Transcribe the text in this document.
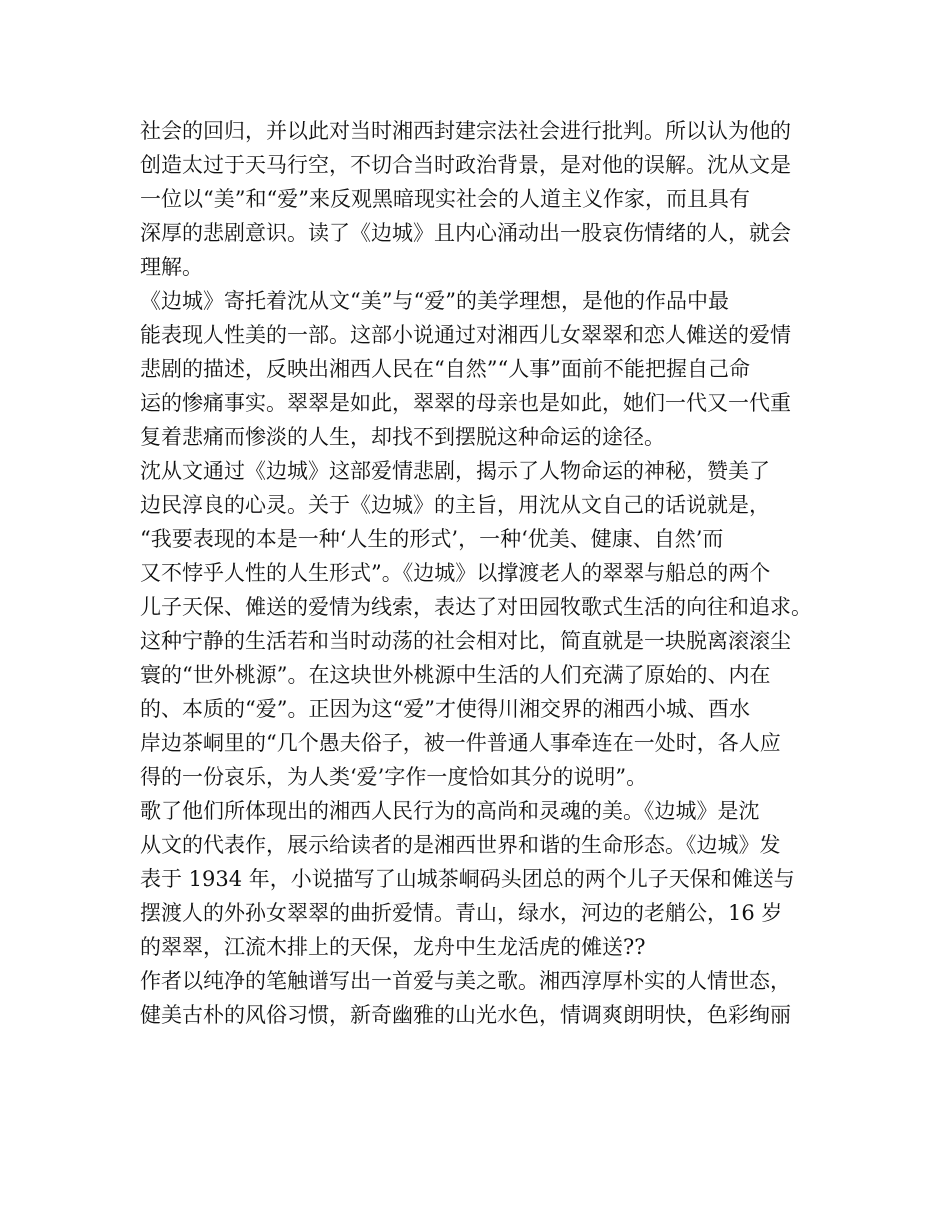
社会的回归，并以此对当时湘西封建宗法社会进行批判。所以认为他的
创造太过于天马行空，不切合当时政治背景，是对他的误解。沈从文是
一位以“美”和“爱”来反观黑暗现实社会的人道主义作家，而且具有
深厚的悲剧意识。读了《边城》且内心涌动出一股哀伤情绪的人，就会
理解。
《边城》寄托着沈从文“美”与“爱”的美学理想，是他的作品中最
能表现人性美的一部。这部小说通过对湘西儿女翠翠和恋人傩送的爱情
悲剧的描述，反映出湘西人民在“自然”“人事”面前不能把握自己命
运的惨痛事实。翠翠是如此，翠翠的母亲也是如此，她们一代又一代重
复着悲痛而惨淡的人生，却找不到摆脱这种命运的途径。
沈从文通过《边城》这部爱情悲剧，揭示了人物命运的神秘，赞美了
边民淳良的心灵。关于《边城》的主旨，用沈从文自己的话说就是，
“我要表现的本是一种‘人生的形式’，一种‘优美、健康、自然’而
又不悖乎人性的人生形式”。《边城》以撑渡老人的翠翠与船总的两个
儿子天保、傩送的爱情为线索，表达了对田园牧歌式生活的向往和追求。
这种宁静的生活若和当时动荡的社会相对比，简直就是一块脱离滚滚尘
寰的“世外桃源”。在这块世外桃源中生活的人们充满了原始的、内在
的、本质的“爱”。正因为这“爱”才使得川湘交界的湘西小城、酉水
岸边茶峒里的“几个愚夫俗子，被一件普通人事牵连在一处时，各人应
得的一份哀乐，为人类‘爱’字作一度恰如其分的说明”。
歌了他们所体现出的湘西人民行为的高尚和灵魂的美。《边城》是沈
从文的代表作，展示给读者的是湘西世界和谐的生命形态。《边城》发
表于 1934 年，小说描写了山城茶峒码头团总的两个儿子天保和傩送与
摆渡人的外孙女翠翠的曲折爱情。青山，绿水，河边的老艄公，16 岁
的翠翠，江流木排上的天保，龙舟中生龙活虎的傩送??
作者以纯净的笔触谱写出一首爱与美之歌。湘西淳厚朴实的人情世态，
健美古朴的风俗习惯，新奇幽雅的山光水色，情调爽朗明快，色彩绚丽
